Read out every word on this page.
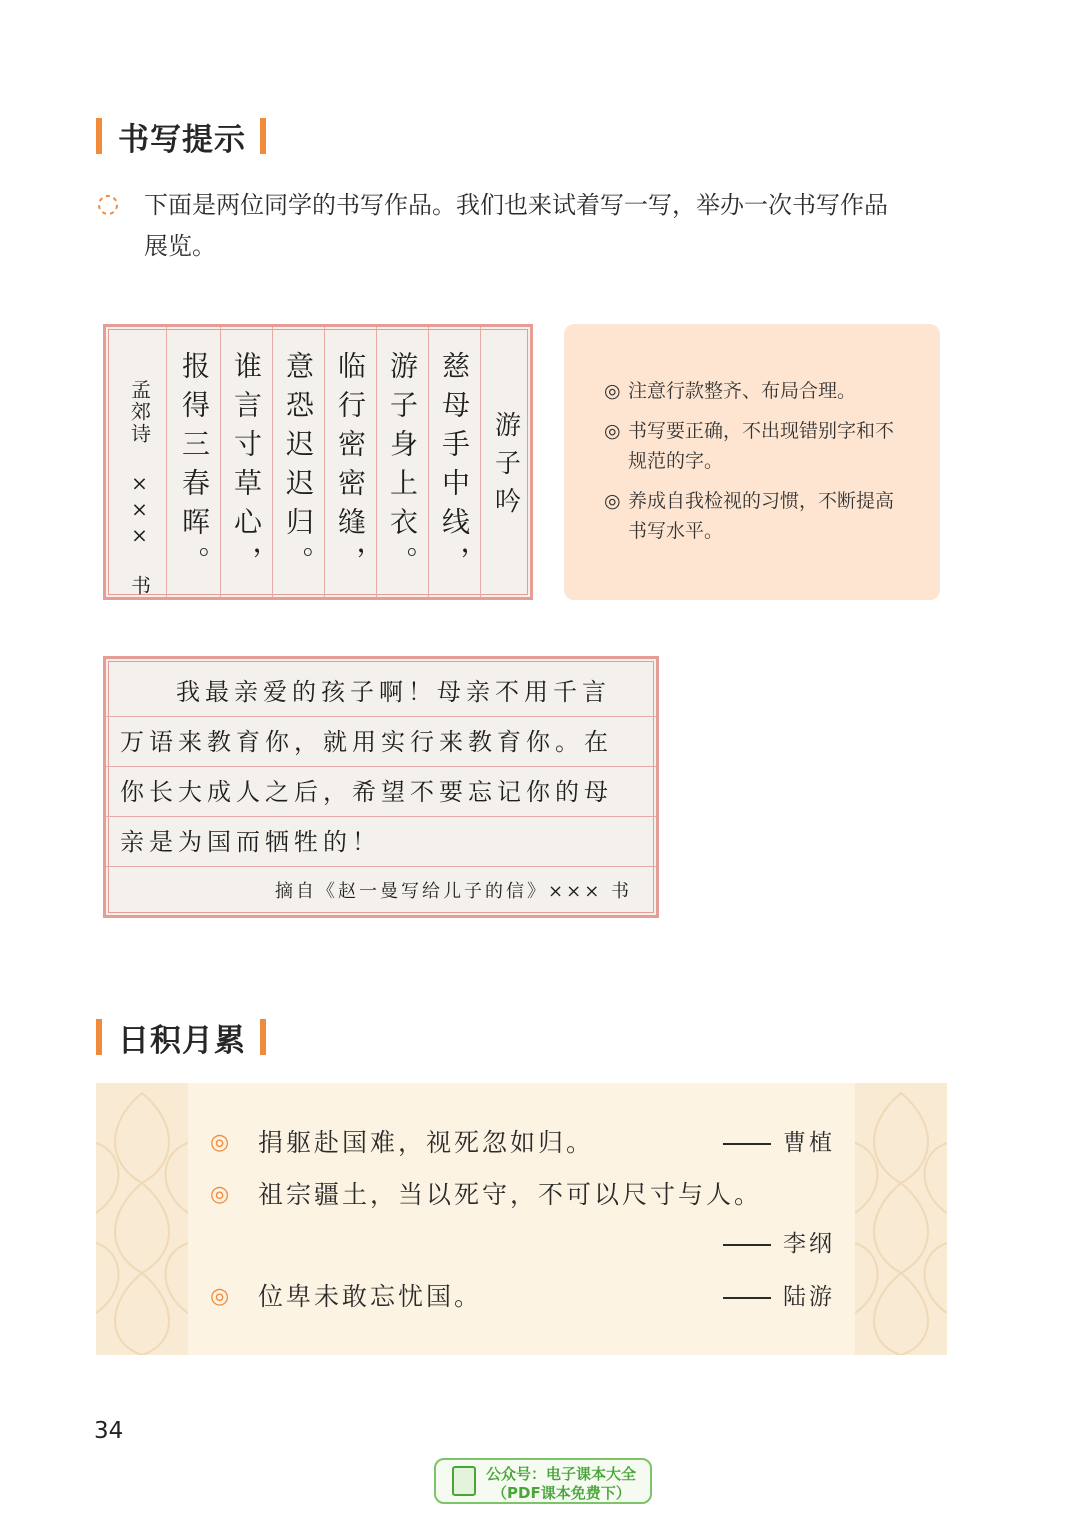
书写提示

下面是两位同学的书写作品。我们也来试着写一写，举办一次书写作品

展览。

游子吟
慈母手中线，
游子身上衣。
临行密密缝，
意恐迟迟归。
谁言寸草心，
报得三春晖。
孟郊诗 ××× 书	◎ 注意行款整齐、布局合理。
◎ 书写要正确，不出现错别字和不规范的字。
◎ 养成自我检视的习惯，不断提高书写水平。
我最亲爱的孩子啊！母亲不用千言
万语来教育你，就用实行来教育你。在
你长大成人之后，希望不要忘记你的母
亲是为国而牺牲的！
摘自《赵一曼写给儿子的信》××× 书
日积月累
◎ 捐躯赴国难，视死忽如归。	曹植
◎ 祖宗疆土，当以死守，不可以尺寸与人。
李纲
◎ 位卑未敢忘忧国。	陆游
34
公众号：电子课本大全
（PDF课本免费下）
